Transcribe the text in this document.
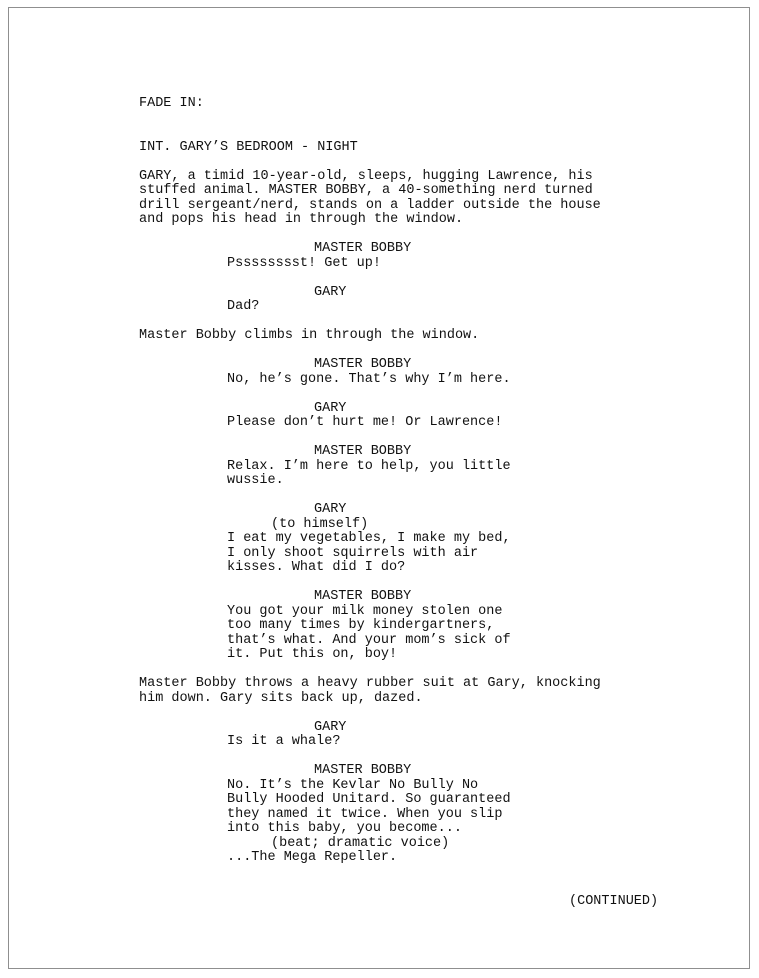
FADE IN:
INT. GARY’S BEDROOM - NIGHT
GARY, a timid 10-year-old, sleeps, hugging Lawrence, his
stuffed animal. MASTER BOBBY, a 40-something nerd turned
drill sergeant/nerd, stands on a ladder outside the house
and pops his head in through the window.
MASTER BOBBY
Psssssssst! Get up!
GARY
Dad?
Master Bobby climbs in through the window.
MASTER BOBBY
No, he’s gone. That’s why I’m here.
GARY
Please don’t hurt me! Or Lawrence!
MASTER BOBBY
Relax. I’m here to help, you little
wussie.
GARY
(to himself)
I eat my vegetables, I make my bed,
I only shoot squirrels with air
kisses. What did I do?
MASTER BOBBY
You got your milk money stolen one
too many times by kindergartners,
that’s what. And your mom’s sick of
it. Put this on, boy!
Master Bobby throws a heavy rubber suit at Gary, knocking
him down. Gary sits back up, dazed.
GARY
Is it a whale?
MASTER BOBBY
No. It’s the Kevlar No Bully No
Bully Hooded Unitard. So guaranteed
they named it twice. When you slip
into this baby, you become...
(beat; dramatic voice)
...The Mega Repeller.
(CONTINUED)
